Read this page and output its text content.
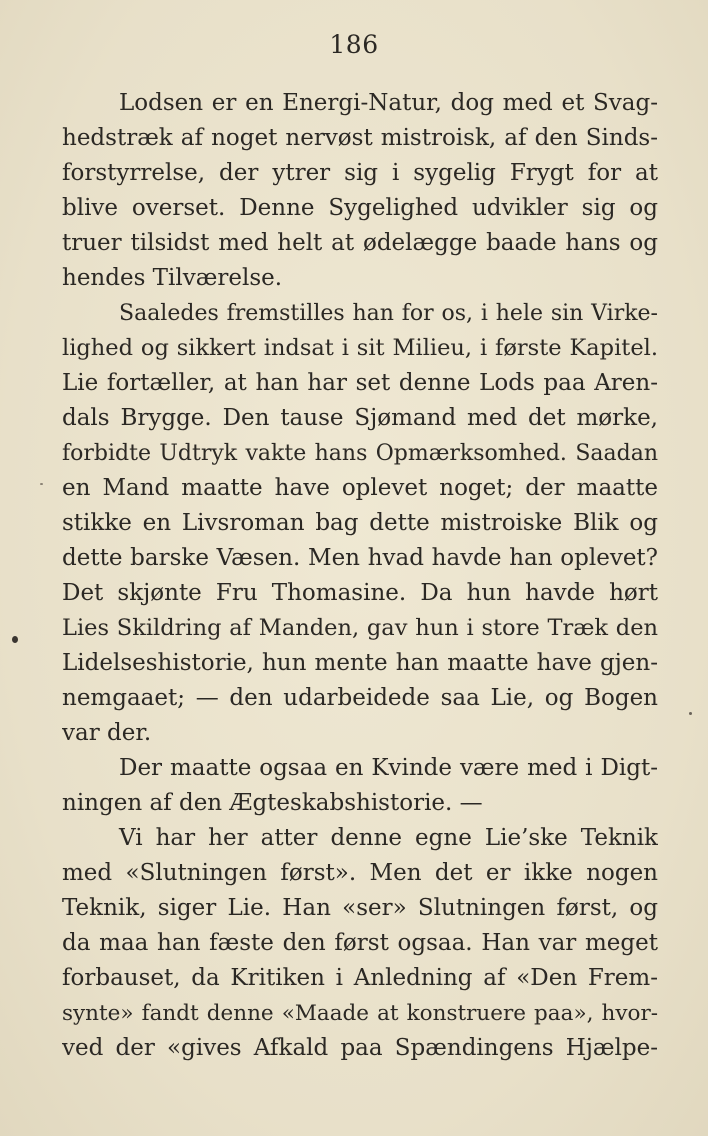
186
Lodsen er en Energi-Natur, dog med et Svag-
hedstræk af noget nervøst mistroisk, af den Sinds-
forstyrrelse, der ytrer sig i sygelig Frygt for at
blive overset. Denne Sygelighed udvikler sig og
truer tilsidst med helt at ødelægge baade hans og
hendes Tilværelse.
Saaledes fremstilles han for os, i hele sin Virke-
lighed og sikkert indsat i sit Milieu, i første Kapitel.
Lie fortæller, at han har set denne Lods paa Aren-
dals Brygge. Den tause Sjømand med det mørke,
forbidte Udtryk vakte hans Opmærksomhed. Saadan
en Mand maatte have oplevet noget; der maatte
stikke en Livsroman bag dette mistroiske Blik og
dette barske Væsen. Men hvad havde han oplevet?
Det skjønte Fru Thomasine. Da hun havde hørt
Lies Skildring af Manden, gav hun i store Træk den
Lidelseshistorie, hun mente han maatte have gjen-
nemgaaet; — den udarbeidede saa Lie, og Bogen
var der.
Der maatte ogsaa en Kvinde være med i Digt-
ningen af den Ægteskabshistorie. —
Vi har her atter denne egne Lie’ske Teknik
med «Slutningen først». Men det er ikke nogen
Teknik, siger Lie. Han «ser» Slutningen først, og
da maa han fæste den først ogsaa. Han var meget
forbauset, da Kritiken i Anledning af «Den Frem-
synte» fandt denne «Maade at konstruere paa», hvor-
ved der «gives Afkald paa Spændingens Hjælpe-
